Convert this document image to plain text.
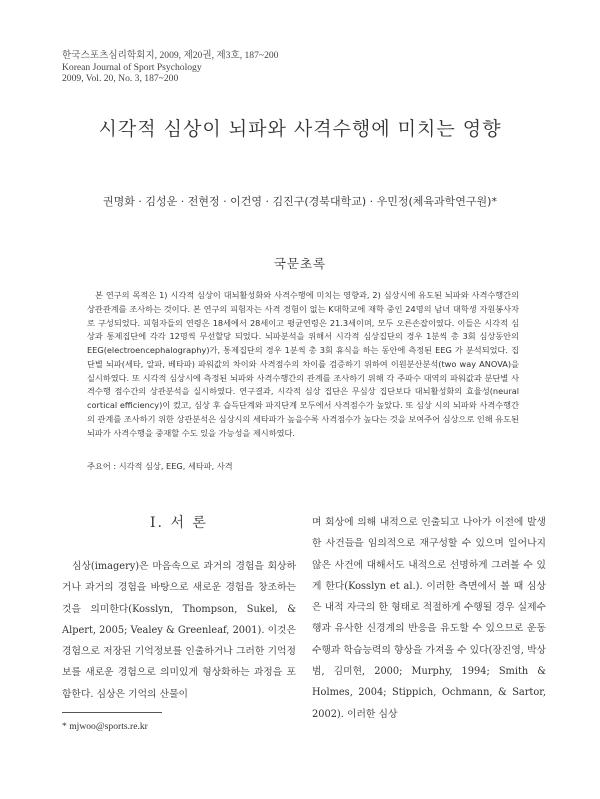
한국스포츠심리학회지, 2009, 제20권, 제3호, 187~200
Korean Journal of Sport Psychology
2009, Vol. 20, No. 3, 187~200
시각적 심상이 뇌파와 사격수행에 미치는 영향
권명화 · 김성운 · 전현정 · 이건영 · 김진구(경북대학교) · 우민정(체육과학연구원)*
국문초록

본 연구의 목적은 1) 시각적 심상이 대뇌활성화와 사격수행에 미치는 영향과, 2) 심상시에 유도된 뇌파와 사격수행간의 상관관계를 조사하는 것이다. 본 연구의 피험자는 사격 경험이 없는 K대학교에 재학 중인 24명의 남녀 대학생 자원봉사자로 구성되었다. 피험자들의 연령은 18세에서 28세이고 평균연령은 21.3세이며, 모두 오른손잡이였다. 이들은 시각적 심상과 통제집단에 각각 12명씩 무선할당 되었다. 뇌파분석을 위해서 시각적 심상집단의 경우 1분씩 총 3회 심상동안의 EEG(electroencephalography)가, 통제집단의 경우 1분씩 총 3회 휴식을 하는 동안에 측정된 EEG 가 분석되었다. 집단별 뇌파(세타, 알파, 베타파) 파워값의 차이와 사격점수의 차이를 검증하기 위하여 이원분산분석(two way ANOVA)을 실시하였다. 또 시각적 심상시에 측정된 뇌파와 사격수행간의 관계를 조사하기 위해 각 주파수 대역의 파워값과 분단별 사격수행 점수간의 상관분석을 실시하였다. 연구결과, 시각적 심상 집단은 무심상 집단보다 대뇌활성화의 효율성(neural cortical efficiency)이 컸고, 심상 후 습득단계와 파지단계 모두에서 사격점수가 높았다. 또 심상 시의 뇌파와 사격수행간의 관계를 조사하기 위한 상관분석은 심상시의 세타파가 높을수록 사격점수가 높다는 것을 보여주어 심상으로 인해 유도된 뇌파가 사격수행을 중재할 수도 있을 가능성을 제시하였다.

주요어 : 시각적 심상, EEG, 세타파, 사격
Ⅰ. 서 론

심상(imagery)은 마음속으로 과거의 경험을 회상하거나 과거의 경험을 바탕으로 새로운 경험을 창조하는 것을 의미한다(Kosslyn, Thompson, Sukel, & Alpert, 2005; Vealey & Greenleaf, 2001). 이것은 경험으로 저장된 기억정보를 인출하거나 그러한 기억정보를 새로운 경험으로 의미있게 형상화하는 과정을 포함한다. 심상은 기억의 산물이

며 회상에 의해 내적으로 인출되고 나아가 이전에 발생한 사건들을 임의적으로 재구성할 수 있으며 일어나지 않은 사건에 대해서도 내적으로 선명하게 그려볼 수 있게 한다(Kosslyn et al.). 이러한 측면에서 볼 때 심상은 내적 자극의 한 형태로 적절하게 수행될 경우 실제수행과 유사한 신경계의 반응을 유도할 수 있으므로 운동수행과 학습능력의 향상을 가져올 수 있다(장진영, 박상범, 김미현, 2000; Murphy, 1994; Smith & Holmes, 2004; Stippich, Ochmann, & Sartor, 2002). 이러한 심상

* mjwoo@sports.re.kr
